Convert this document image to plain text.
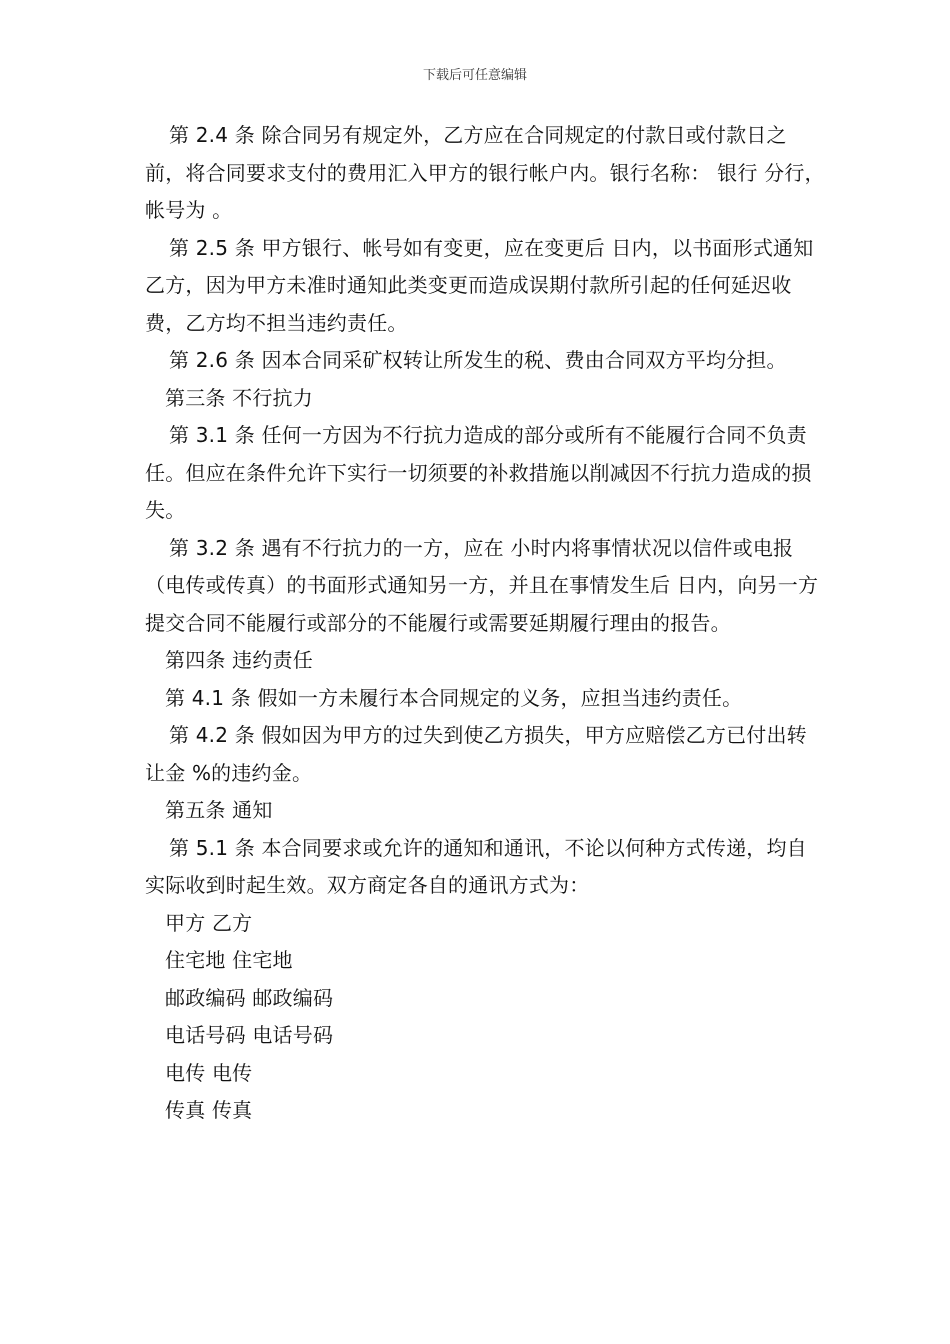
下载后可任意编辑

第 2.4 条 除合同另有规定外，乙方应在合同规定的付款日或付款日之前，将合同要求支付的费用汇入甲方的银行帐户内。银行名称： 银行 分行，帐号为 。

第 2.5 条 甲方银行、帐号如有变更，应在变更后 日内，以书面形式通知乙方，因为甲方未准时通知此类变更而造成误期付款所引起的任何延迟收费，乙方均不担当违约责任。

第 2.6 条 因本合同采矿权转让所发生的税、费由合同双方平均分担。

第三条 不行抗力

第 3.1 条 任何一方因为不行抗力造成的部分或所有不能履行合同不负责任。但应在条件允许下实行一切须要的补救措施以削减因不行抗力造成的损失。

第 3.2 条 遇有不行抗力的一方，应在 小时内将事情状况以信件或电报（电传或传真）的书面形式通知另一方，并且在事情发生后 日内，向另一方提交合同不能履行或部分的不能履行或需要延期履行理由的报告。

第四条 违约责任

第 4.1 条 假如一方未履行本合同规定的义务，应担当违约责任。

第 4.2 条 假如因为甲方的过失到使乙方损失，甲方应赔偿乙方已付出转让金 %的违约金。

第五条 通知

第 5.1 条 本合同要求或允许的通知和通讯，不论以何种方式传递，均自实际收到时起生效。双方商定各自的通讯方式为：

甲方 乙方

住宅地 住宅地

邮政编码 邮政编码

电话号码 电话号码

电传 电传

传真 传真
